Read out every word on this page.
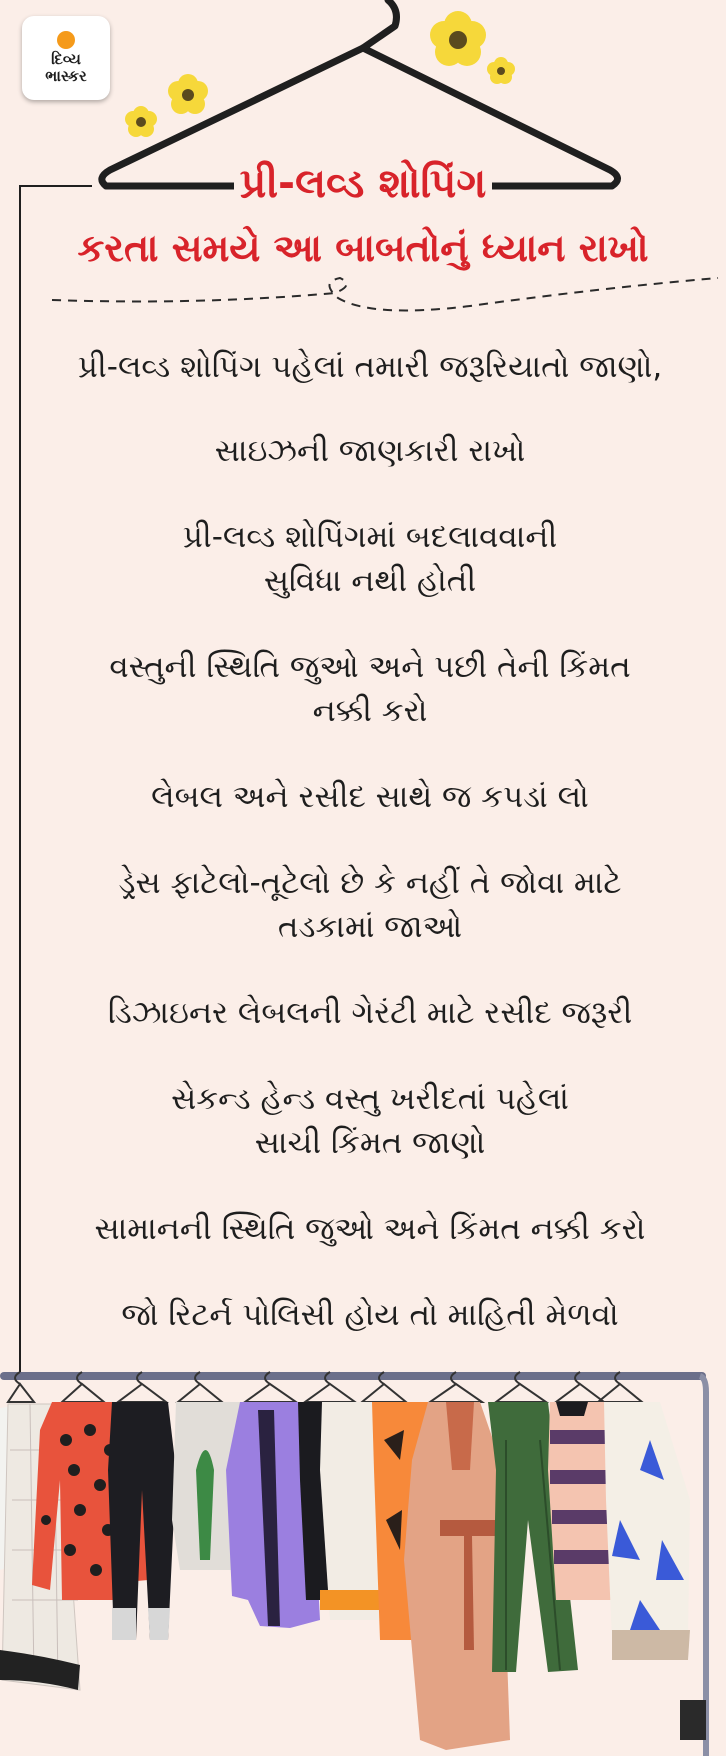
દિવ્ય
ભાસ્કર
પ્રી-લવ્ડ શોપિંગ
કરતા સમયે આ બાબતોનું ધ્યાન રાખો
પ્રી-લવ્ડ શોપિંગ પહેલાં તમારી જરૂરિયાતો જાણો,
સાઇઝની જાણકારી રાખો
પ્રી-લવ્ડ શોપિંગમાં બદલાવવાની
સુવિધા નથી હોતી
વસ્તુની સ્થિતિ જુઓ અને પછી તેની કિંમત
નક્કી કરો
લેબલ અને રસીદ સાથે જ કપડાં લો
ડ્રેસ ફાટેલો-તૂટેલો છે કે નહીં તે જોવા માટે
તડકામાં જાઓ
ડિઝાઇનર લેબલની ગેરંટી માટે રસીદ જરૂરી
સેકન્ડ હેન્ડ વસ્તુ ખરીદતાં પહેલાં
સાચી કિંમત જાણો
સામાનની સ્થિતિ જુઓ અને કિંમત નક્કી કરો
જો રિટર્ન પોલિસી હોય તો માહિતી મેળવો
